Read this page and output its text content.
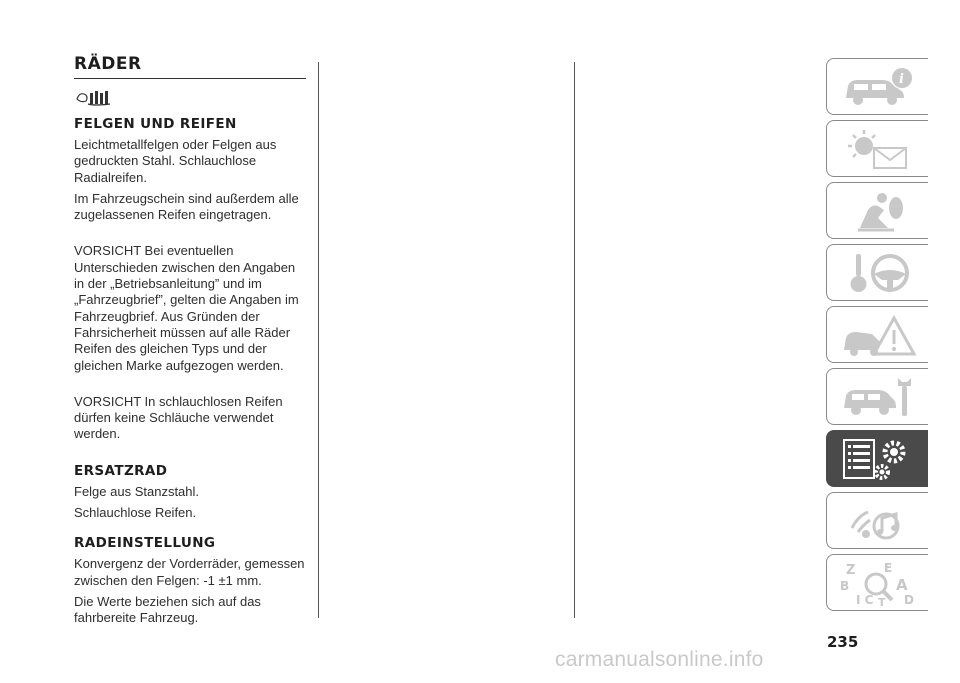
RÄDER
FELGEN UND REIFEN

Leichtmetallfelgen oder Felgen aus gedruckten Stahl. Schlauchlose Radialreifen.

Im Fahrzeugschein sind außerdem alle zugelassenen Reifen eingetragen.

VORSICHT Bei eventuellen Unterschieden zwischen den Angaben in der „Betriebsanleitung” und im „Fahrzeugbrief”, gelten die Angaben im Fahrzeugbrief. Aus Gründen der Fahrsicherheit müssen auf alle Räder Reifen des gleichen Typs und der gleichen Marke aufgezogen werden.

VORSICHT In schlauchlosen Reifen dürfen keine Schläuche verwendet werden.

ERSATZRAD

Felge aus Stanzstahl.

Schlauchlose Reifen.

RADEINSTELLUNG

Konvergenz der Vorderräder, gemessen zwischen den Felgen: -1 ±1 mm.

Die Werte beziehen sich auf das fahrbereite Fahrzeug.

i
Z E
B	A
D
I C T
235
carmanualsonline.info
